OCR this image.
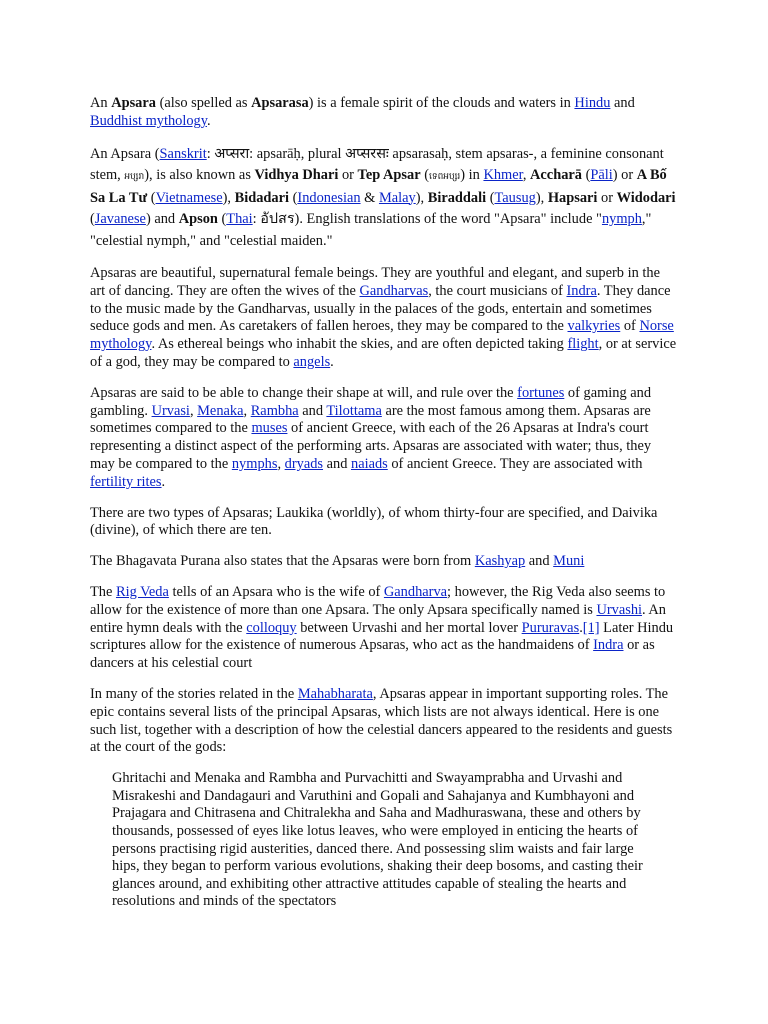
An Apsara (also spelled as Apsarasa) is a female spirit of the clouds and waters in Hindu and Buddhist mythology.

An Apsara (Sanskrit: अप्सरा: apsarāḥ, plural अप्सरसः apsarasaḥ, stem apsaras-, a feminine consonant stem, អប្សរា), is also known as Vidhya Dhari or Tep Apsar (ទេពអប្សរ) in Khmer, Accharā (Pāli) or A Bố Sa La Tư (Vietnamese), Bidadari (Indonesian & Malay), Biraddali (Tausug), Hapsari or Widodari (Javanese) and Apson (Thai: อัปสร). English translations of the word "Apsara" include "nymph," "celestial nymph," and "celestial maiden."

Apsaras are beautiful, supernatural female beings. They are youthful and elegant, and superb in the art of dancing. They are often the wives of the Gandharvas, the court musicians of Indra. They dance to the music made by the Gandharvas, usually in the palaces of the gods, entertain and sometimes seduce gods and men. As caretakers of fallen heroes, they may be compared to the valkyries of Norse mythology. As ethereal beings who inhabit the skies, and are often depicted taking flight, or at service of a god, they may be compared to angels.

Apsaras are said to be able to change their shape at will, and rule over the fortunes of gaming and gambling. Urvasi, Menaka, Rambha and Tilottama are the most famous among them. Apsaras are sometimes compared to the muses of ancient Greece, with each of the 26 Apsaras at Indra's court representing a distinct aspect of the performing arts. Apsaras are associated with water; thus, they may be compared to the nymphs, dryads and naiads of ancient Greece. They are associated with fertility rites.

There are two types of Apsaras; Laukika (worldly), of whom thirty-four are specified, and Daivika (divine), of which there are ten.

The Bhagavata Purana also states that the Apsaras were born from Kashyap and Muni

The Rig Veda tells of an Apsara who is the wife of Gandharva; however, the Rig Veda also seems to allow for the existence of more than one Apsara. The only Apsara specifically named is Urvashi. An entire hymn deals with the colloquy between Urvashi and her mortal lover Pururavas.[1] Later Hindu scriptures allow for the existence of numerous Apsaras, who act as the handmaidens of Indra or as dancers at his celestial court

In many of the stories related in the Mahabharata, Apsaras appear in important supporting roles. The epic contains several lists of the principal Apsaras, which lists are not always identical. Here is one such list, together with a description of how the celestial dancers appeared to the residents and guests at the court of the gods:

Ghritachi and Menaka and Rambha and Purvachitti and Swayamprabha and Urvashi and Misrakeshi and Dandagauri and Varuthini and Gopali and Sahajanya and Kumbhayoni and Prajagara and Chitrasena and Chitralekha and Saha and Madhuraswana, these and others by thousands, possessed of eyes like lotus leaves, who were employed in enticing the hearts of persons practising rigid austerities, danced there. And possessing slim waists and fair large hips, they began to perform various evolutions, shaking their deep bosoms, and casting their glances around, and exhibiting other attractive attitudes capable of stealing the hearts and resolutions and minds of the spectators
